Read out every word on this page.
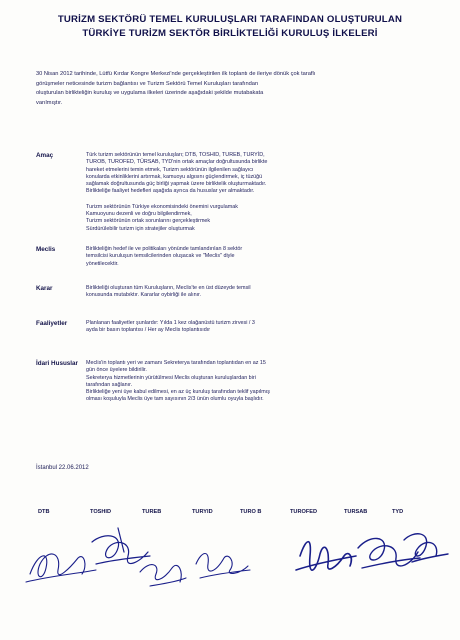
TURİZM SEKTÖRÜ TEMEL KURULUŞLARI TARAFINDAN OLUŞTURULAN
TÜRKİYE TURİZM SEKTÖR BİRLİKTELİĞİ KURULUŞ İLKELERİ

30 Nisan 2012 tarihinde, Lütfü Kırdar Kongre Merkezi'nde gerçekleştirilen ilk toplantı de ileriye dönük çok taraflı

görüşmeler neticesinde turizm bağlantısı ve Turizm Sektörü Temel Kuruluşları tarafından

oluşturulan birlikteliğin kuruluş ve uygulama ilkeleri üzerinde aşağıdaki şekilde mutabakata

varılmıştır.

Amaç	Türk turizm sektörünün temel kuruluşları; DTB, TOSHID, TUREB, TURYİD,

TUROB, TUROFED, TÜRSAB, TYD'nin ortak amaçlar doğrultusunda birlikte

hareket etmelerini temin etmek, Turizm sektörünün ilgilenilen sağlayıcı

konularda etkinliklerini artırmak, kamuoyu algısını güçlendirmek, iç tüzüğü

sağlamak doğrultusunda güç birliği yapmak üzere birliktelik oluşturmaktadır.

Birlikteliğe faaliyet hedefleri aşağıda ayrıca da hususlar yer almaktadır.

Turizm sektörünün Türkiye ekonomisindeki önemini vurgulamak

Kamuoyunu dezenli ve doğru bilgilendirmek,

Turizm sektörünün ortak sorunlarını gerçekleştirmek

Sürdürülebilir turizm için stratejiler oluşturmak

Meclis	Birlikteliğin hedef ile ve politikaları yönünde tamlandırılan 8 sektör

temsilcisi kuruluşun temsilcilerinden oluşacak ve "Meclis" diyle

yönetilecektir.

Karar	Birlikteliği oluşturan tüm Kuruluşların, Meclis'te en üst düzeyde temsil

konusunda mutabıktır. Kararlar oybirliği ile alınır.

Faaliyetler	Planlanan faaliyetler şunlardır: Yılda 1 kez olağanüstü turizm zirvesi / 3

ayda bir basın toplantısı / Her ay Meclis toplantısıdır

İdari Hususlar Meclis'in toplantı yeri ve zamanı Sekreterya tarafından toplantıdan en az 15

gün önce üyelere bildirilir.

Sekreterya hizmetlerinin yürütülmesi Meclis oluşturan kuruluşlardan biri

tarafından sağlanır.

Birlikteliğe yeni üye kabul edilmesi, en az üç kuruluş tarafından teklif yapılmış

olması koşuluyla Meclis üye tam sayısının 2/3 ünün olumlu oyuyla başlıdır.

İstanbul 22.06.2012
DTB	TOSHID	TUREB	TURYID	TURO B	TUROFED	TURSAB	TYD
